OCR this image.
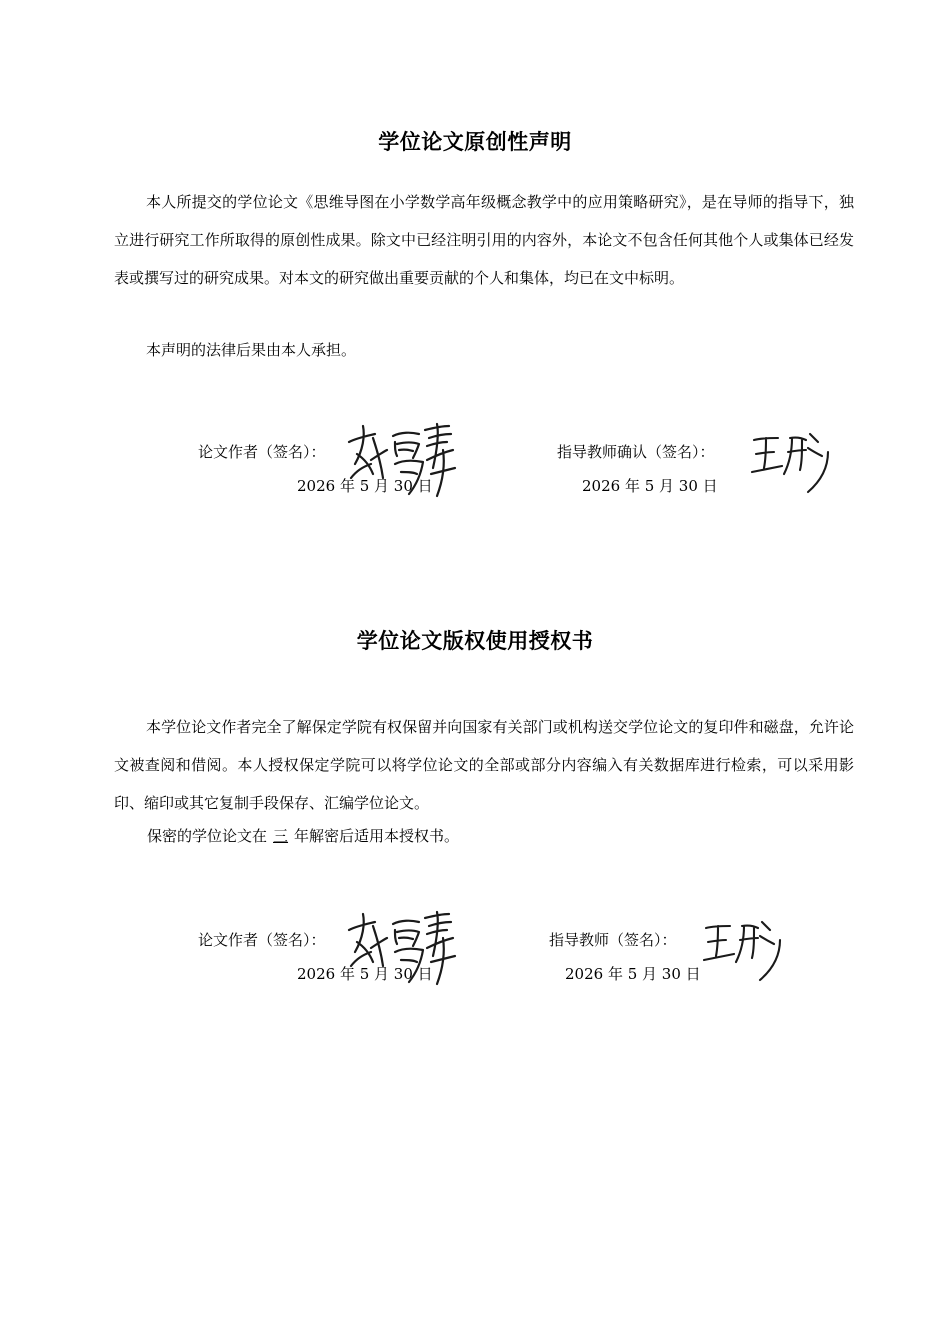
学位论文原创性声明

本人所提交的学位论文《思维导图在小学数学高年级概念教学中的应用策略研究》，是在导师的指导下，独立进行研究工作所取得的原创性成果。除文中已经注明引用的内容外，本论文不包含任何其他个人或集体已经发表或撰写过的研究成果。对本文的研究做出重要贡献的个人和集体，均已在文中标明。

本声明的法律后果由本人承担。

论文作者（签名）：
2026 年 5 月 30 日
指导教师确认（签名）：
2026 年 5 月 30 日
学位论文版权使用授权书

本学位论文作者完全了解保定学院有权保留并向国家有关部门或机构送交学位论文的复印件和磁盘，允许论文被查阅和借阅。本人授权保定学院可以将学位论文的全部或部分内容编入有关数据库进行检索，可以采用影印、缩印或其它复制手段保存、汇编学位论文。

保密的学位论文在 三 年解密后适用本授权书。
论文作者（签名）：
2026 年 5 月 30 日
指导教师（签名）：
2026 年 5 月 30 日
